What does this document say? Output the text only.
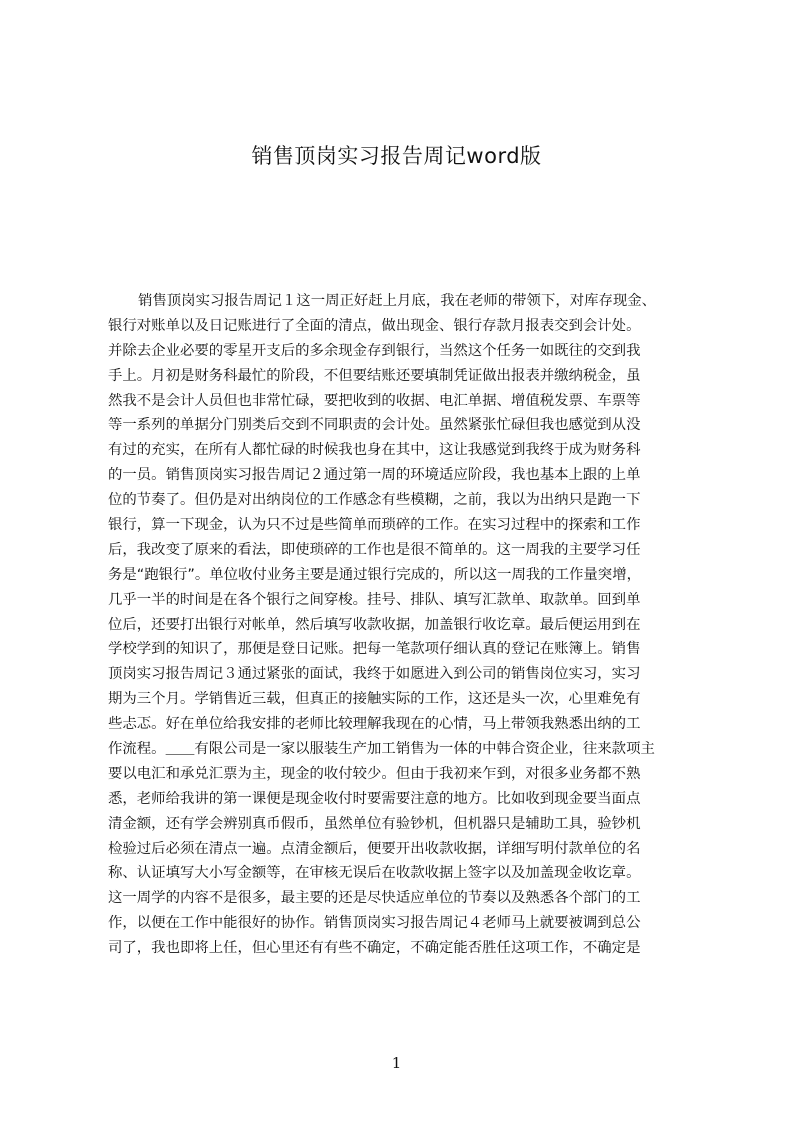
销售顶岗实习报告周记word版
销售顶岗实习报告周记１这一周正好赶上月底，我在老师的带领下，对库存现金、
银行对账单以及日记账进行了全面的清点，做出现金、银行存款月报表交到会计处。
并除去企业必要的零星开支后的多余现金存到银行，当然这个任务一如既往的交到我
手上。月初是财务科最忙的阶段，不但要结账还要填制凭证做出报表并缴纳税金，虽
然我不是会计人员但也非常忙碌，要把收到的收据、电汇单据、增值税发票、车票等
等一系列的单据分门别类后交到不同职责的会计处。虽然紧张忙碌但我也感觉到从没
有过的充实，在所有人都忙碌的时候我也身在其中，这让我感觉到我终于成为财务科
的一员。销售顶岗实习报告周记２通过第一周的环境适应阶段，我也基本上跟的上单
位的节奏了。但仍是对出纳岗位的工作感念有些模糊，之前，我以为出纳只是跑一下
银行，算一下现金，认为只不过是些简单而琐碎的工作。在实习过程中的探索和工作
后，我改变了原来的看法，即使琐碎的工作也是很不简单的。这一周我的主要学习任
务是“跑银行”。单位收付业务主要是通过银行完成的，所以这一周我的工作量突增，
几乎一半的时间是在各个银行之间穿梭。挂号、排队、填写汇款单、取款单。回到单
位后，还要打出银行对帐单，然后填写收款收据，加盖银行收讫章。最后便运用到在
学校学到的知识了，那便是登日记账。把每一笔款项仔细认真的登记在账簿上。销售
顶岗实习报告周记３通过紧张的面试，我终于如愿进入到公司的销售岗位实习，实习
期为三个月。学销售近三载，但真正的接触实际的工作，这还是头一次，心里难免有
些忐忑。好在单位给我安排的老师比较理解我现在的心情，马上带领我熟悉出纳的工
作流程。＿＿有限公司是一家以服装生产加工销售为一体的中韩合资企业，往来款项主
要以电汇和承兑汇票为主，现金的收付较少。但由于我初来乍到，对很多业务都不熟
悉，老师给我讲的第一课便是现金收付时要需要注意的地方。比如收到现金要当面点
清金额，还有学会辨别真币假币，虽然单位有验钞机，但机器只是辅助工具，验钞机
检验过后必须在清点一遍。点清金额后，便要开出收款收据，详细写明付款单位的名
称、认证填写大小写金额等，在审核无误后在收款收据上签字以及加盖现金收讫章。
这一周学的内容不是很多，最主要的还是尽快适应单位的节奏以及熟悉各个部门的工
作，以便在工作中能很好的协作。销售顶岗实习报告周记４老师马上就要被调到总公
司了，我也即将上任，但心里还有有些不确定，不确定能否胜任这项工作，不确定是
1
